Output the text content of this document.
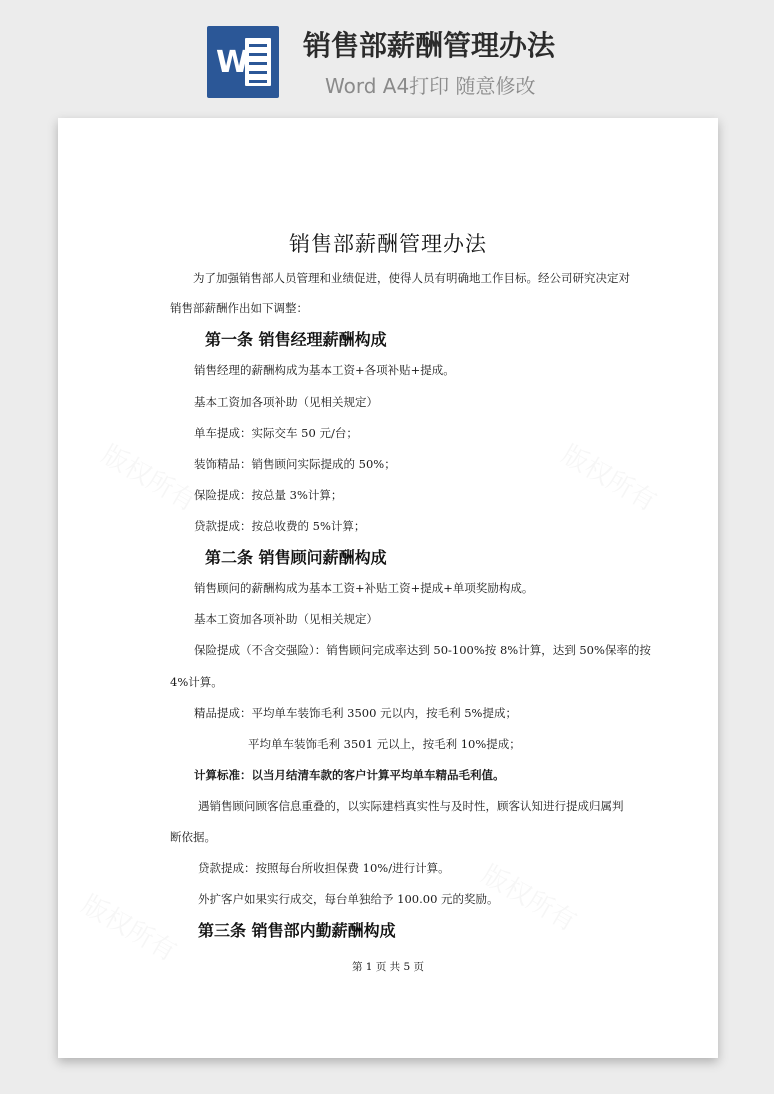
W 销售部薪酬管理办法
Word A4打印 随意修改
销售部薪酬管理办法
为了加强销售部人员管理和业绩促进，使得人员有明确地工作目标。经公司研究决定对
销售部薪酬作出如下调整：
第一条 销售经理薪酬构成
销售经理的薪酬构成为基本工资+各项补贴+提成。
基本工资加各项补助（见相关规定）
单车提成：实际交车 50 元/台；
装饰精品：销售顾问实际提成的 50%；
保险提成：按总量 3%计算；
贷款提成：按总收费的 5%计算；
第二条 销售顾问薪酬构成
销售顾问的薪酬构成为基本工资+补贴工资+提成+单项奖励构成。
基本工资加各项补助（见相关规定）
保险提成（不含交强险）：销售顾问完成率达到 50-100%按 8%计算，达到 50%保率的按
4%计算。
精品提成：平均单车装饰毛利 3500 元以内，按毛利 5%提成；
平均单车装饰毛利 3501 元以上，按毛利 10%提成；
计算标准：以当月结清车款的客户计算平均单车精品毛利值。
遇销售顾问顾客信息重叠的，以实际建档真实性与及时性，顾客认知进行提成归属判
断依据。
贷款提成：按照每台所收担保费 10%/进行计算。
外扩客户如果实行成交，每台单独给予 100.00 元的奖励。
第三条 销售部内勤薪酬构成
第 1 页 共 5 页
